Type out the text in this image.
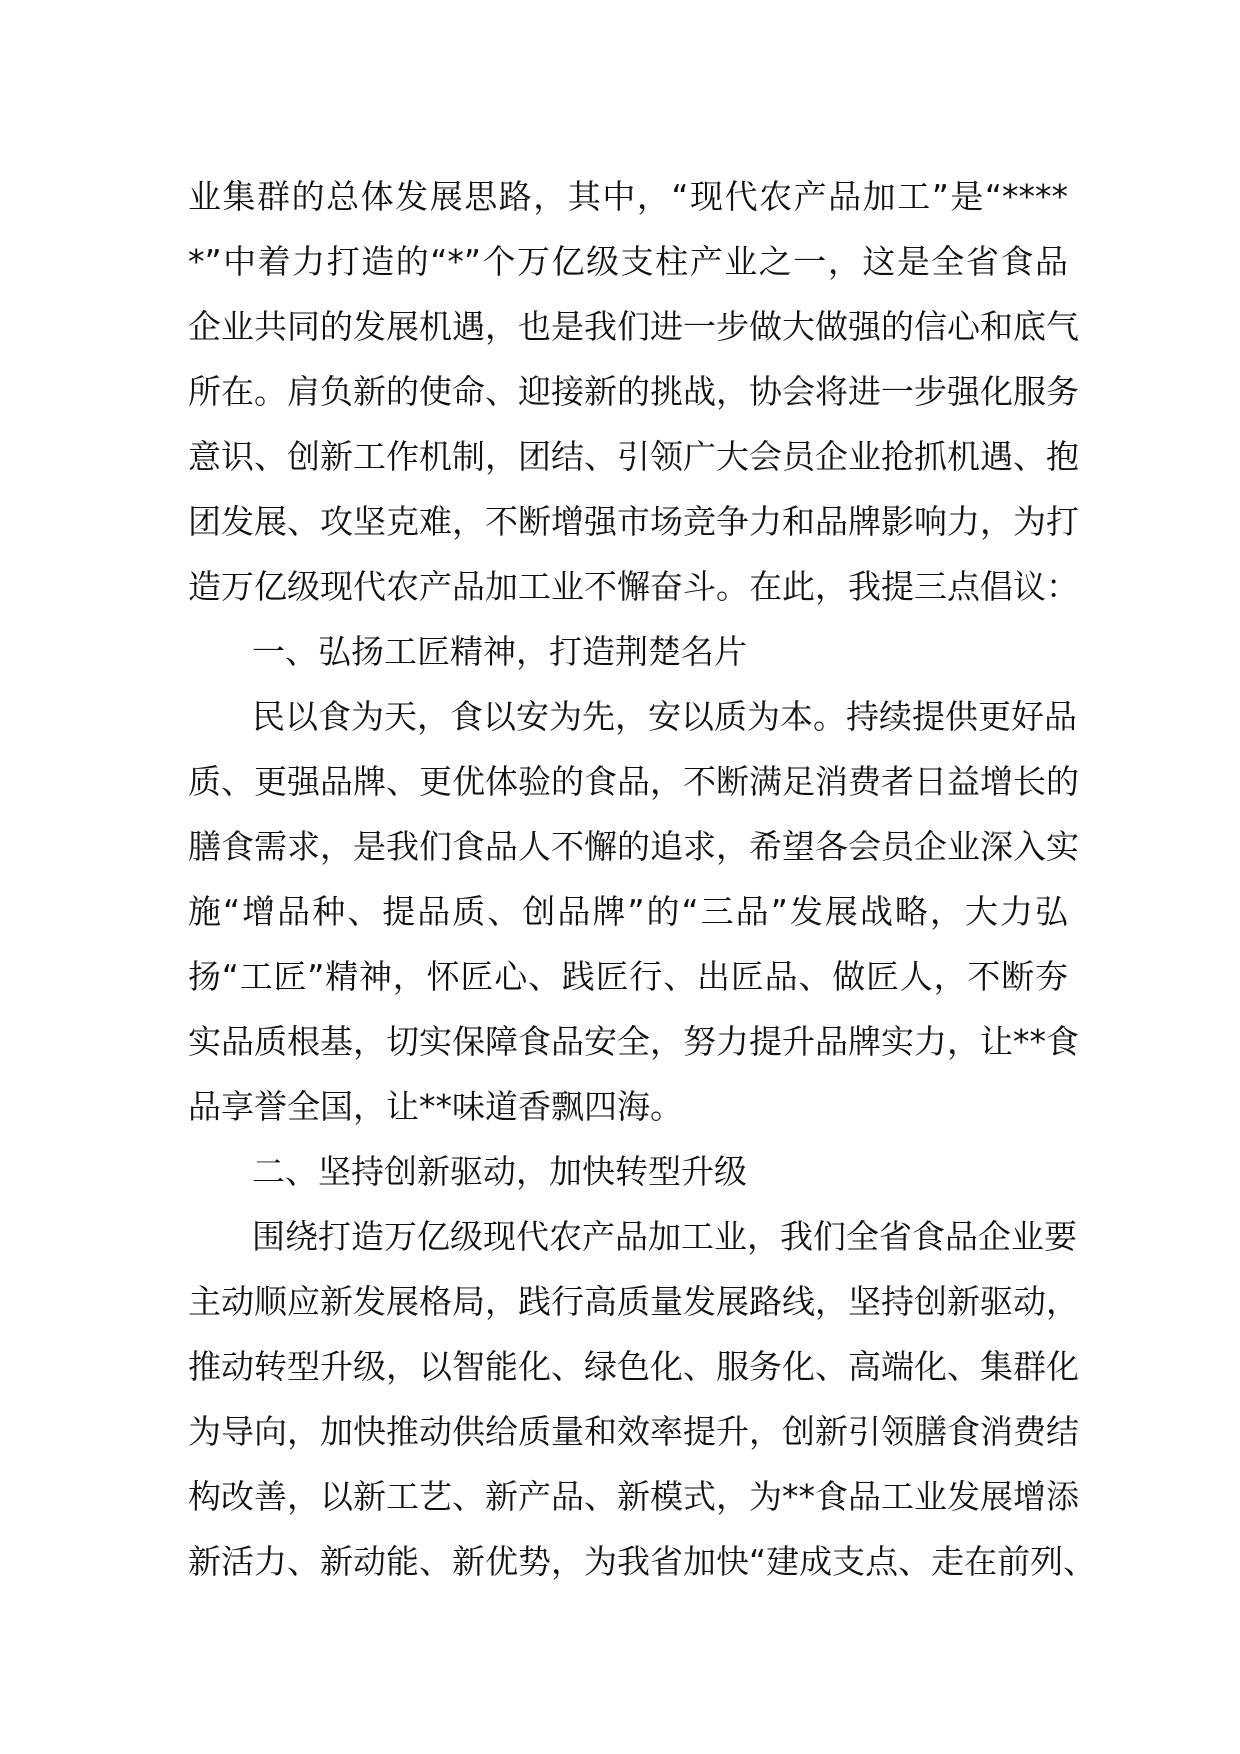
业集群的总体发展思路，其中，“现代农产品加工”是“****
*”中着力打造的“*”个万亿级支柱产业之一，这是全省食品
企业共同的发展机遇，也是我们进一步做大做强的信心和底气
所在。肩负新的使命、迎接新的挑战，协会将进一步强化服务
意识、创新工作机制，团结、引领广大会员企业抢抓机遇、抱
团发展、攻坚克难，不断增强市场竞争力和品牌影响力，为打
造万亿级现代农产品加工业不懈奋斗。在此，我提三点倡议：
一、弘扬工匠精神，打造荆楚名片
民以食为天，食以安为先，安以质为本。持续提供更好品
质、更强品牌、更优体验的食品，不断满足消费者日益增长的
膳食需求，是我们食品人不懈的追求，希望各会员企业深入实
施“增品种、提品质、创品牌”的“三品”发展战略，大力弘
扬“工匠”精神，怀匠心、践匠行、出匠品、做匠人，不断夯
实品质根基，切实保障食品安全，努力提升品牌实力，让**食
品享誉全国，让**味道香飘四海。
二、坚持创新驱动，加快转型升级
围绕打造万亿级现代农产品加工业，我们全省食品企业要
主动顺应新发展格局，践行高质量发展路线，坚持创新驱动，
推动转型升级，以智能化、绿色化、服务化、高端化、集群化
为导向，加快推动供给质量和效率提升，创新引领膳食消费结
构改善，以新工艺、新产品、新模式，为**食品工业发展增添
新活力、新动能、新优势，为我省加快“建成支点、走在前列、
